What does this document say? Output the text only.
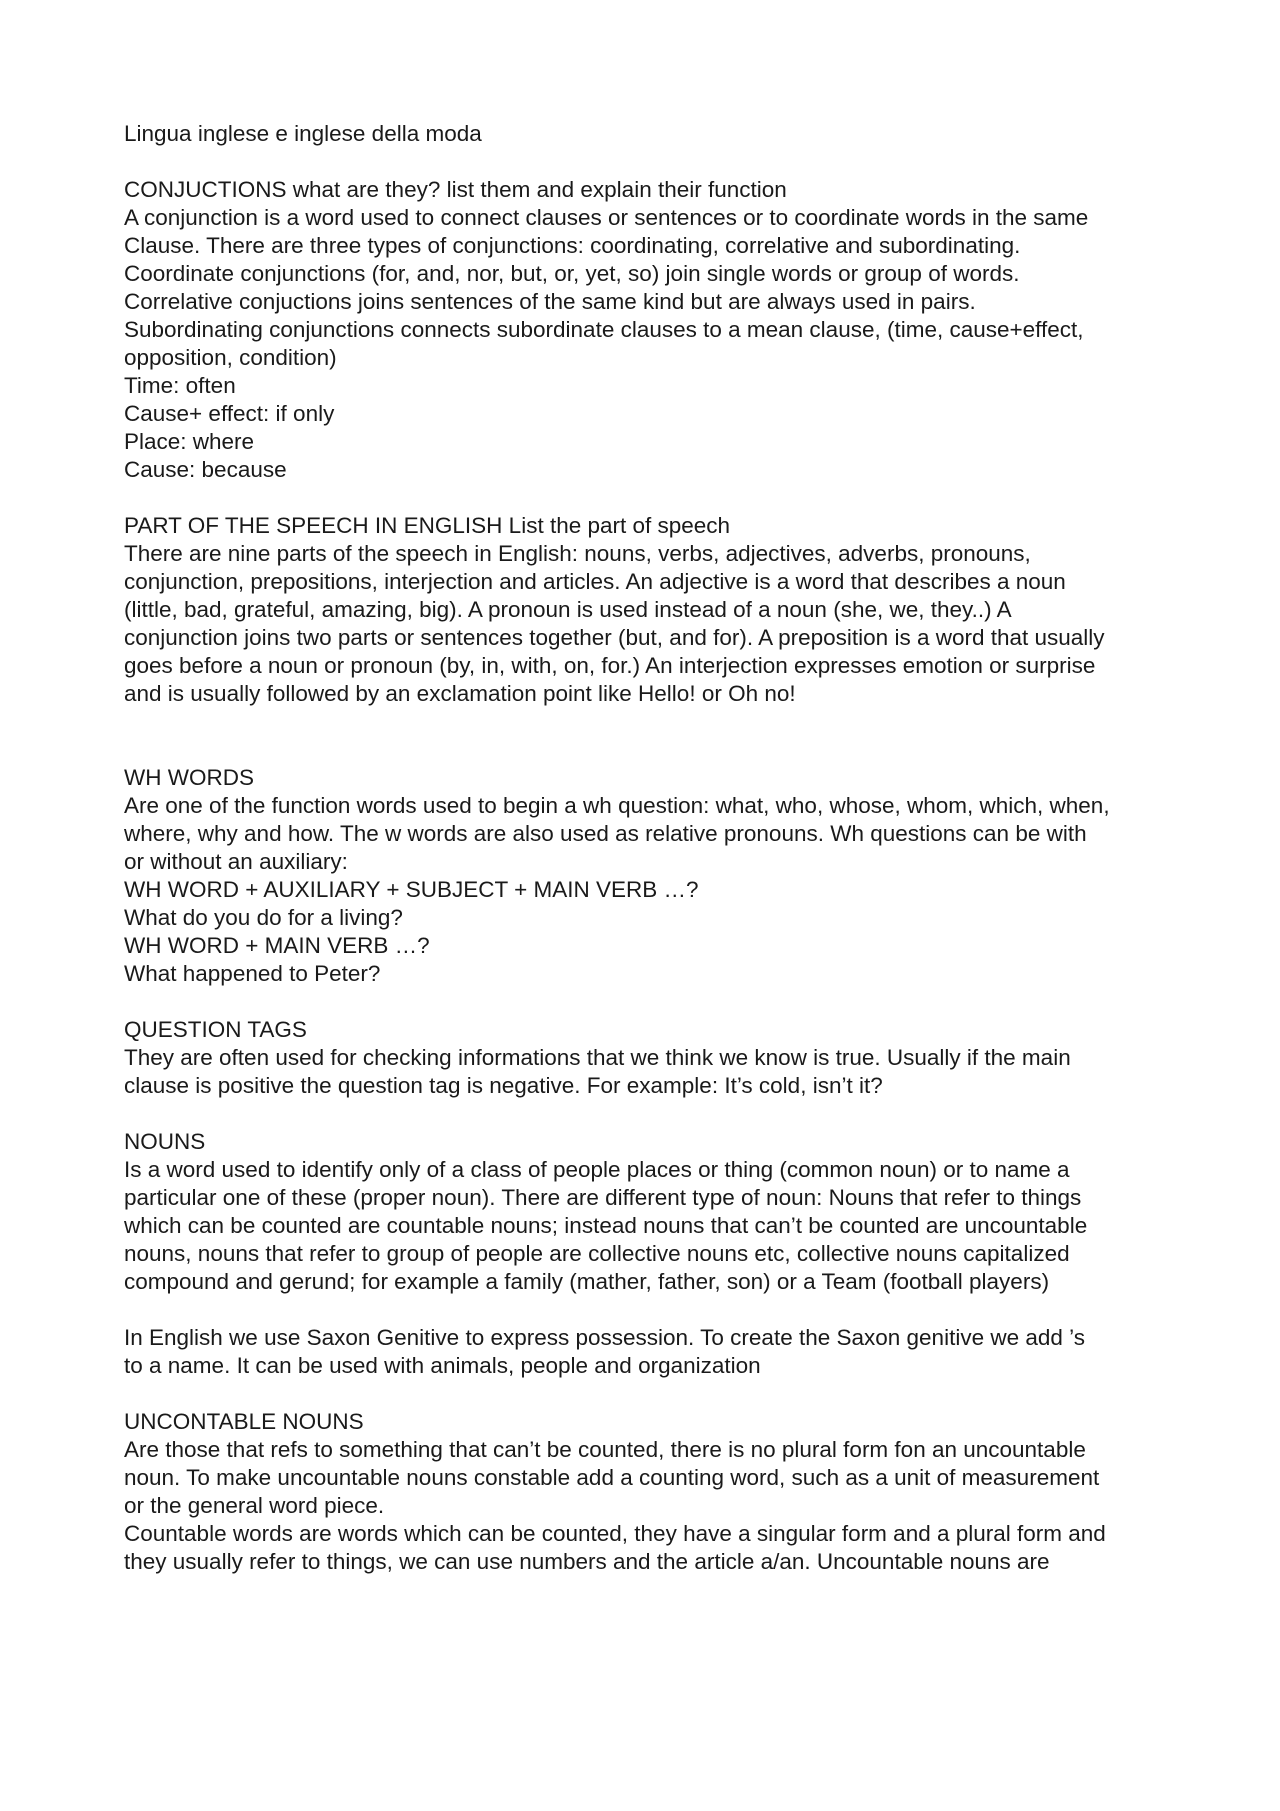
Lingua inglese e inglese della moda

CONJUCTIONS what are they? list them and explain their function

A conjunction is a word used to connect clauses or sentences or to coordinate words in the same

Clause. There are three types of conjunctions: coordinating, correlative and subordinating.

Coordinate conjunctions (for, and, nor, but, or, yet, so) join single words or group of words.

Correlative conjuctions joins sentences of the same kind but are always used in pairs.

Subordinating conjunctions connects subordinate clauses to a mean clause, (time, cause+effect,

opposition, condition)

Time: often

Cause+ effect: if only

Place: where

Cause: because

PART OF THE SPEECH IN ENGLISH List the part of speech

There are nine parts of the speech in English: nouns, verbs, adjectives, adverbs, pronouns,

conjunction, prepositions, interjection and articles. An adjective is a word that describes a noun

(little, bad, grateful, amazing, big). A pronoun is used instead of a noun (she, we, they..) A

conjunction joins two parts or sentences together (but, and for). A preposition is a word that usually

goes before a noun or pronoun (by, in, with, on, for.) An interjection expresses emotion or surprise

and is usually followed by an exclamation point like Hello! or Oh no!

WH WORDS

Are one of the function words used to begin a wh question: what, who, whose, whom, which, when,

where, why and how. The w words are also used as relative pronouns. Wh questions can be with

or without an auxiliary:

WH WORD + AUXILIARY + SUBJECT + MAIN VERB …?

What do you do for a living?

WH WORD + MAIN VERB …?

What happened to Peter?

QUESTION TAGS

They are often used for checking informations that we think we know is true. Usually if the main

clause is positive the question tag is negative. For example: It’s cold, isn’t it?

NOUNS

Is a word used to identify only of a class of people places or thing (common noun) or to name a

particular one of these (proper noun). There are different type of noun: Nouns that refer to things

which can be counted are countable nouns; instead nouns that can’t be counted are uncountable

nouns, nouns that refer to group of people are collective nouns etc, collective nouns capitalized

compound and gerund; for example a family (mather, father, son) or a Team (football players)

In English we use Saxon Genitive to express possession. To create the Saxon genitive we add ’s

to a name. It can be used with animals, people and organization

UNCONTABLE NOUNS

Are those that refs to something that can’t be counted, there is no plural form fon an uncountable

noun. To make uncountable nouns constable add a counting word, such as a unit of measurement

or the general word piece.

Countable words are words which can be counted, they have a singular form and a plural form and

they usually refer to things, we can use numbers and the article a/an. Uncountable nouns are
